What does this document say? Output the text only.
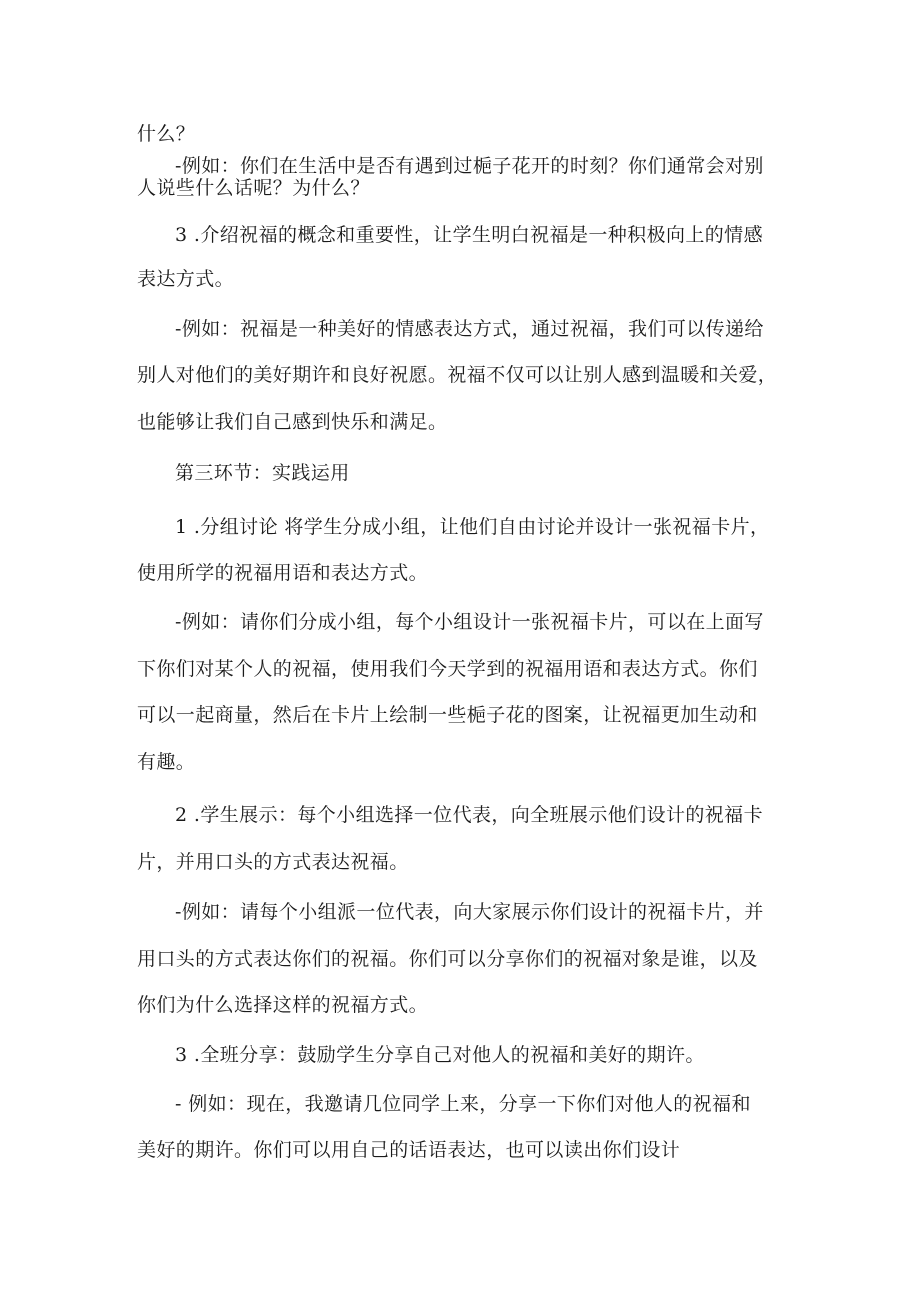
什么？
-例如：你们在生活中是否有遇到过梔子花开的时刻？你们通常会对别
人说些什么话呢？为什么？
3 .介绍祝福的概念和重要性，让学生明白祝福是一种积极向上的情感
表达方式。
-例如：祝福是一种美好的情感表达方式，通过祝福，我们可以传递给
别人对他们的美好期许和良好祝愿。祝福不仅可以让别人感到温暖和关爱，
也能够让我们自己感到快乐和满足。
第三环节：实践运用
1 .分组讨论 将学生分成小组，让他们自由讨论并设计一张祝福卡片，
使用所学的祝福用语和表达方式。
-例如：请你们分成小组，每个小组设计一张祝福卡片，可以在上面写
下你们对某个人的祝福，使用我们今天学到的祝福用语和表达方式。你们
可以一起商量，然后在卡片上绘制一些梔子花的图案，让祝福更加生动和
有趣。
2 .学生展示：每个小组选择一位代表，向全班展示他们设计的祝福卡
片，并用口头的方式表达祝福。
-例如：请每个小组派一位代表，向大家展示你们设计的祝福卡片，并
用口头的方式表达你们的祝福。你们可以分享你们的祝福对象是谁，以及
你们为什么选择这样的祝福方式。
3 .全班分享：鼓励学生分享自己对他人的祝福和美好的期许。
- 例如：现在，我邀请几位同学上来，分享一下你们对他人的祝福和
美好的期许。你们可以用自己的话语表达，也可以读出你们设计
